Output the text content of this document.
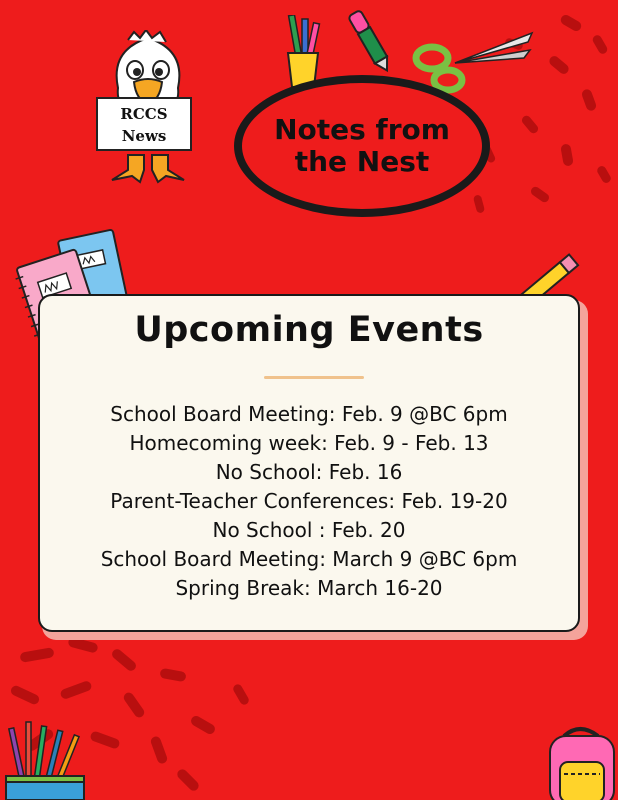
RCCS
News	Notes from
the Nest
Upcoming Events
School Board Meeting: Feb. 9 @BC 6pm
Homecoming week: Feb. 9 - Feb. 13
No School: Feb. 16
Parent-Teacher Conferences: Feb. 19-20
No School : Feb. 20
School Board Meeting: March 9 @BC 6pm
Spring Break: March 16-20
